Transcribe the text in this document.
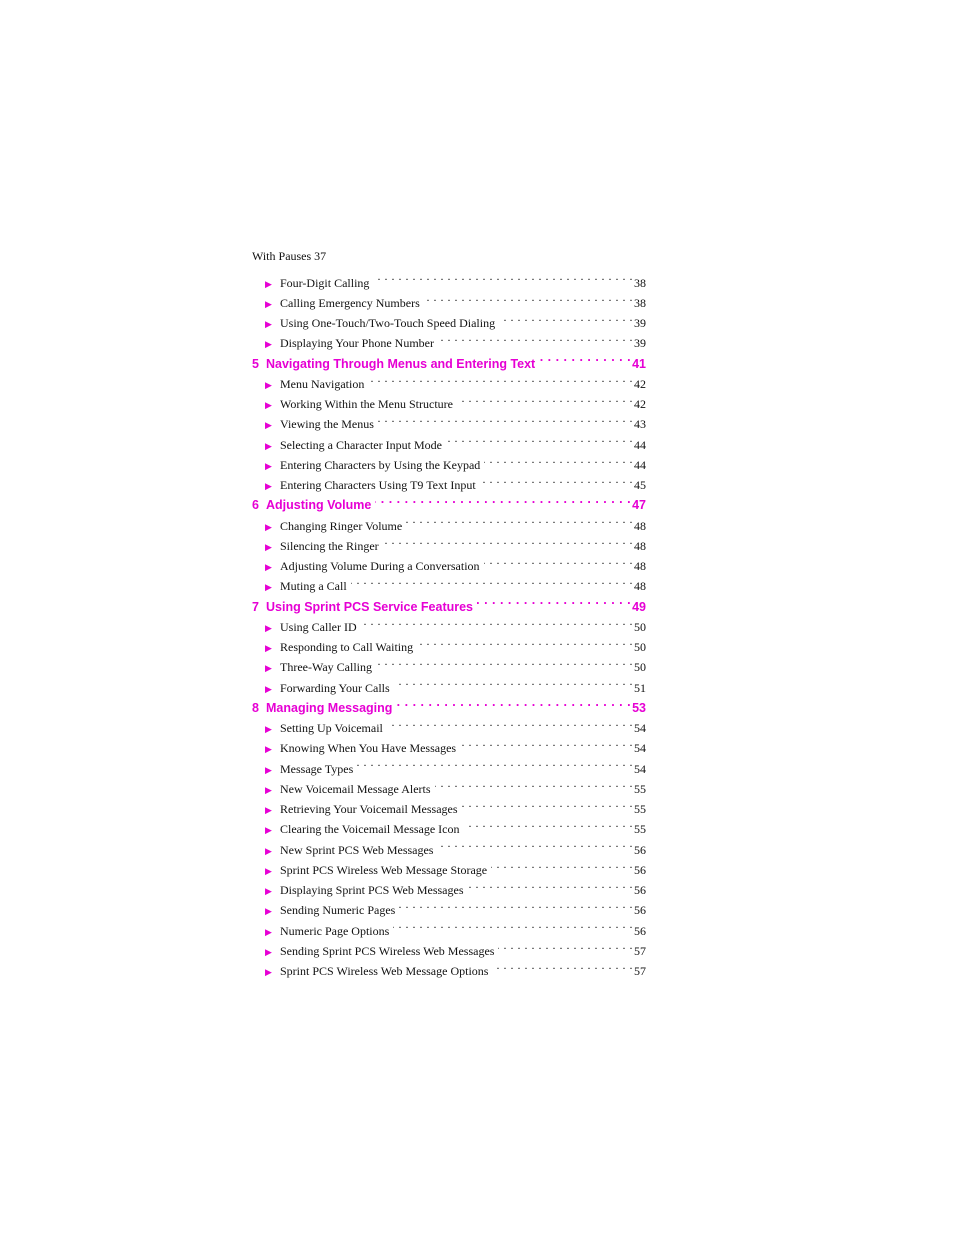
With Pauses 37
▶ Four-Digit Calling . . .	38
▶ Calling Emergency Numbers . . .	38
▶ Using One-Touch/Two-Touch Speed Dialing . . .	39
▶ Displaying Your Phone Number . . .	39
5 Navigating Through Menus and Entering Text . . .	41
▶ Menu Navigation . . .	42
▶ Working Within the Menu Structure . . .	42
▶ Viewing the Menus . . .	43
▶ Selecting a Character Input Mode . . .	44
▶ Entering Characters by Using the Keypad . . .	44
▶ Entering Characters Using T9 Text Input . . .	45
6 Adjusting Volume . . .	47
▶ Changing Ringer Volume . . .	48
▶ Silencing the Ringer . . .	48
▶ Adjusting Volume During a Conversation . . .	48
▶ Muting a Call . . .	48
7 Using Sprint PCS Service Features . . .	49
▶ Using Caller ID . . .	50
▶ Responding to Call Waiting . . .	50
▶ Three-Way Calling . . .	50
▶ Forwarding Your Calls . . .	51
8 Managing Messaging . . .	53
▶ Setting Up Voicemail . . .	54
▶ Knowing When You Have Messages . . .	54
▶ Message Types . . .	54
▶ New Voicemail Message Alerts . . .	55
▶ Retrieving Your Voicemail Messages . . .	55
▶ Clearing the Voicemail Message Icon . . .	55
▶ New Sprint PCS Web Messages . . .	56
▶ Sprint PCS Wireless Web Message Storage . . .	56
▶ Displaying Sprint PCS Web Messages . . .	56
▶ Sending Numeric Pages . . .	56
▶ Numeric Page Options . . .	56
▶ Sending Sprint PCS Wireless Web Messages . . .	57
▶ Sprint PCS Wireless Web Message Options . . .	57
